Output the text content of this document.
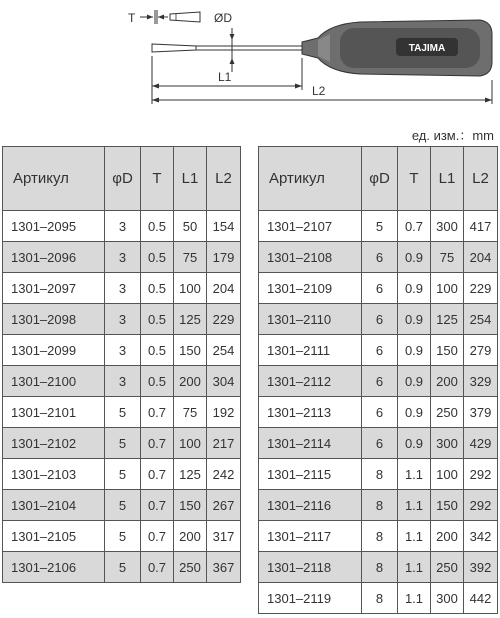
T	ØD
TAJIMA
L1
L2
ед. изм.：mm
Артикул	φD	T	L1	L2
1301–2095	3	0.5	50	154
1301–2096	3	0.5	75	179
1301–2097	3	0.5	100	204
1301–2098	3	0.5	125	229
1301–2099	3	0.5	150	254
1301–2100	3	0.5	200	304
1301–2101	5	0.7	75	192
1301–2102	5	0.7	100	217
1301–2103	5	0.7	125	242
1301–2104	5	0.7	150	267
1301–2105	5	0.7	200	317
1301–2106	5	0.7	250	367
Артикул	φD	T	L1	L2
1301–2107	5	0.7	300	417
1301–2108	6	0.9	75	204
1301–2109	6	0.9	100	229
1301–2110	6	0.9	125	254
1301–2111	6	0.9	150	279
1301–2112	6	0.9	200	329
1301–2113	6	0.9	250	379
1301–2114	6	0.9	300	429
1301–2115	8	1.1	100	292
1301–2116	8	1.1	150	292
1301–2117	8	1.1	200	342
1301–2118	8	1.1	250	392
1301–2119	8	1.1	300	442
